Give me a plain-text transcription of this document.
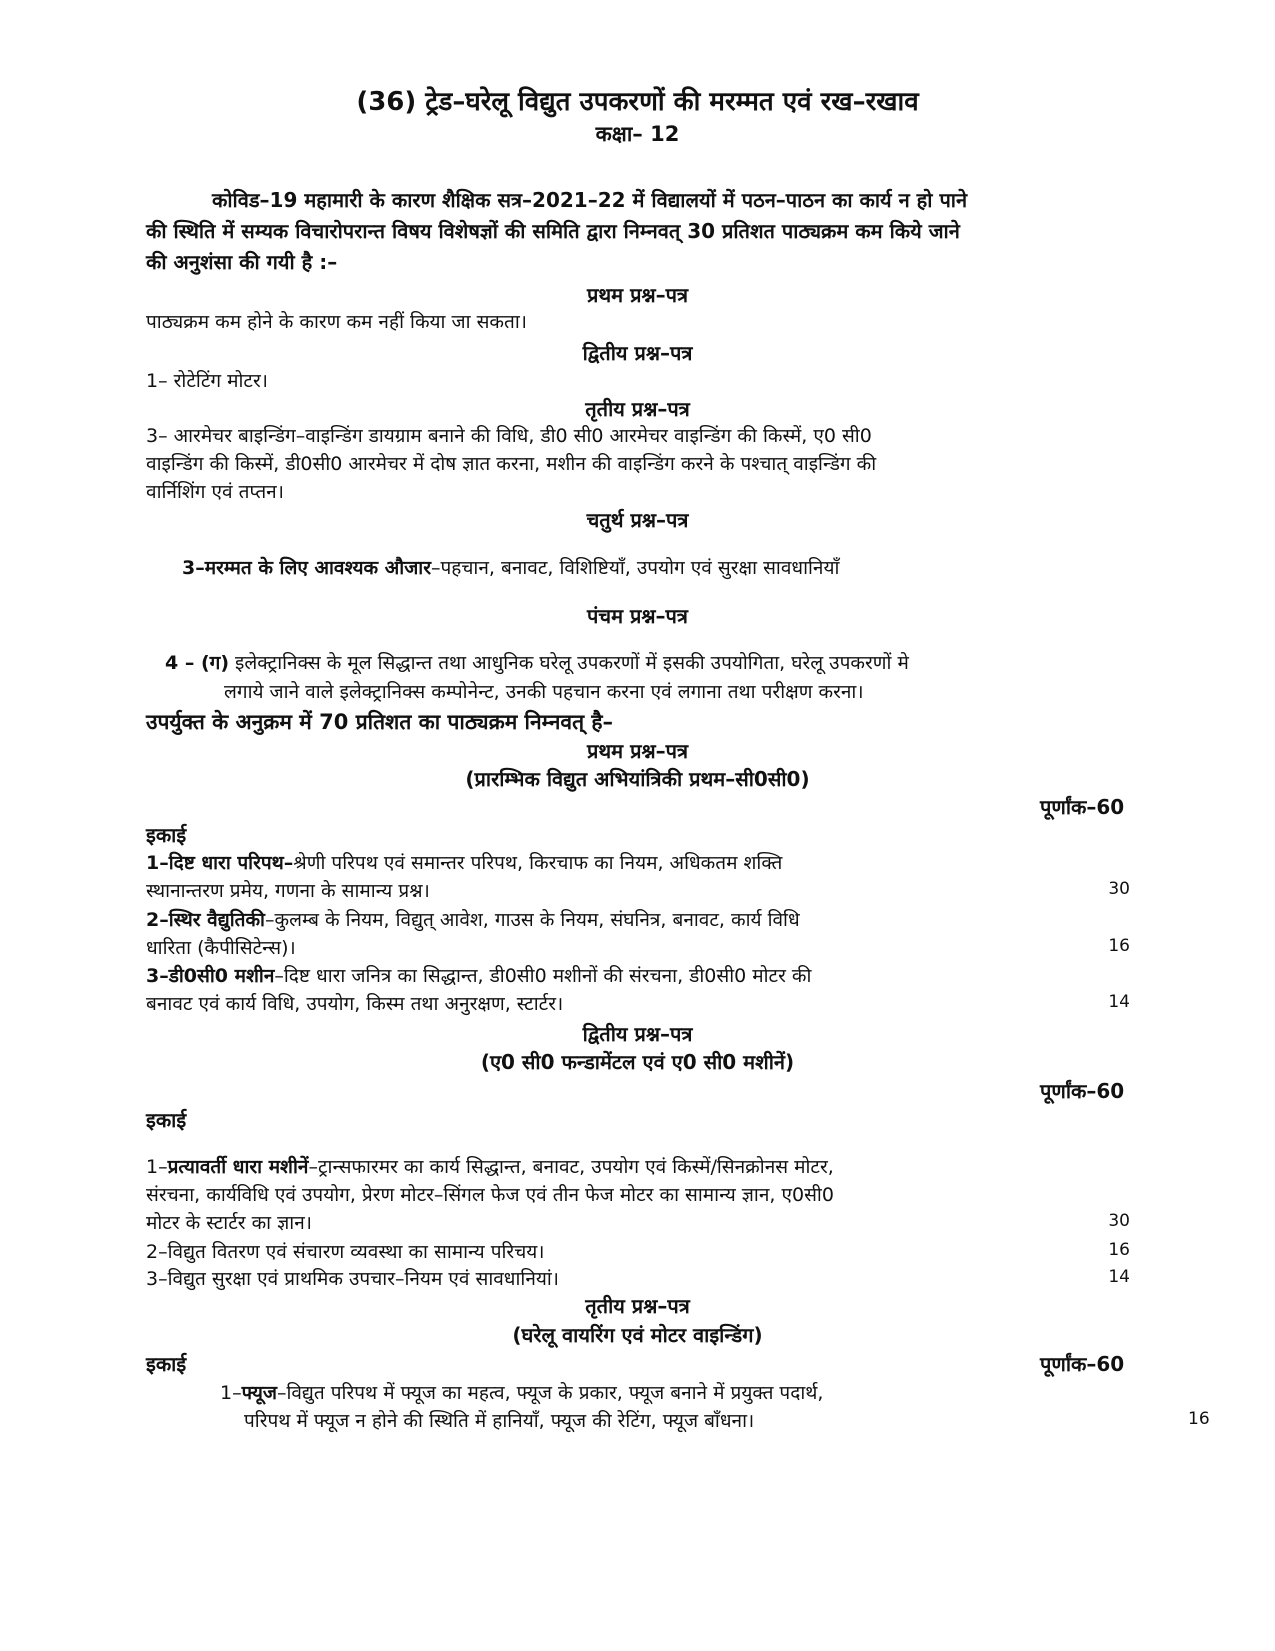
(36) ट्रेड–घरेलू विद्युत उपकरणों की मरम्मत एवं रख–रखाव
कक्षा– 12
कोविड–19 महामारी के कारण शैक्षिक सत्र–2021–22 में विद्यालयों में पठन–पाठन का कार्य न हो पाने
की स्थिति में सम्यक विचारोपरान्त विषय विशेषज्ञों की समिति द्वारा निम्नवत् 30 प्रतिशत पाठ्यक्रम कम किये जाने
की अनुशंसा की गयी है :–
प्रथम प्रश्न–पत्र
पाठ्यक्रम कम होने के कारण कम नहीं किया जा सकता।
द्वितीय प्रश्न–पत्र
1– रोटेटिंग मोटर।
तृतीय प्रश्न–पत्र
3– आरमेचर बाइन्डिंग–वाइन्डिंग डायग्राम बनाने की विधि, डी0 सी0 आरमेचर वाइन्डिंग की किस्में, ए0 सी0
वाइन्डिंग की किस्में, डी0सी0 आरमेचर में दोष ज्ञात करना, मशीन की वाइन्डिंग करने के पश्चात् वाइन्डिंग की
वार्निशिंग एवं तप्तन।
चतुर्थ प्रश्न–पत्र
3–मरम्मत के लिए आवश्यक औजार–पहचान, बनावट, विशिष्टियाँ, उपयोग एवं सुरक्षा सावधानियाँ
पंचम प्रश्न–पत्र
4 – (ग) इलेक्ट्रानिक्स के मूल सिद्धान्त तथा आधुनिक घरेलू उपकरणों में इसकी उपयोगिता, घरेलू उपकरणों मे
लगाये जाने वाले इलेक्ट्रानिक्स कम्पोनेन्ट, उनकी पहचान करना एवं लगाना तथा परीक्षण करना।
उपर्युक्त के अनुक्रम में 70 प्रतिशत का पाठ्यक्रम निम्नवत् है–
प्रथम प्रश्न–पत्र
(प्रारम्भिक विद्युत अभियांत्रिकी प्रथम–सी0सी0)
पूर्णांक–60
इकाई
1–दिष्ट धारा परिपथ–श्रेणी परिपथ एवं समान्तर परिपथ, किरचाफ का नियम, अधिकतम शक्ति
स्थानान्तरण प्रमेय, गणना के सामान्य प्रश्न।	30
2–स्थिर वैद्युतिकी–कुलम्ब के नियम, विद्युत् आवेश, गाउस के नियम, संघनित्र, बनावट, कार्य विधि
धारिता (कैपीसिटेन्स)।	16
3–डी0सी0 मशीन–दिष्ट धारा जनित्र का सिद्धान्त, डी0सी0 मशीनों की संरचना, डी0सी0 मोटर की
बनावट एवं कार्य विधि, उपयोग, किस्म तथा अनुरक्षण, स्टार्टर।	14
द्वितीय प्रश्न–पत्र
(ए0 सी0 फन्डामेंटल एवं ए0 सी0 मशीनें)
पूर्णांक–60
इकाई
1–प्रत्यावर्ती धारा मशीनें–ट्रान्सफारमर का कार्य सिद्धान्त, बनावट, उपयोग एवं किस्में/सिनक्रोनस मोटर,
संरचना, कार्यविधि एवं उपयोग, प्रेरण मोटर–सिंगल फेज एवं तीन फेज मोटर का सामान्य ज्ञान, ए0सी0
मोटर के स्टार्टर का ज्ञान।	30
2–विद्युत वितरण एवं संचारण व्यवस्था का सामान्य परिचय।	16
3–विद्युत सुरक्षा एवं प्राथमिक उपचार–नियम एवं सावधानियां।	14
तृतीय प्रश्न–पत्र
(घरेलू वायरिंग एवं मोटर वाइन्डिंग)
इकाई	पूर्णांक–60
1–फ्यूज–विद्युत परिपथ में फ्यूज का महत्व, फ्यूज के प्रकार, फ्यूज बनाने में प्रयुक्त पदार्थ,
परिपथ में फ्यूज न होने की स्थिति में हानियाँ, फ्यूज की रेटिंग, फ्यूज बाँधना।	16
